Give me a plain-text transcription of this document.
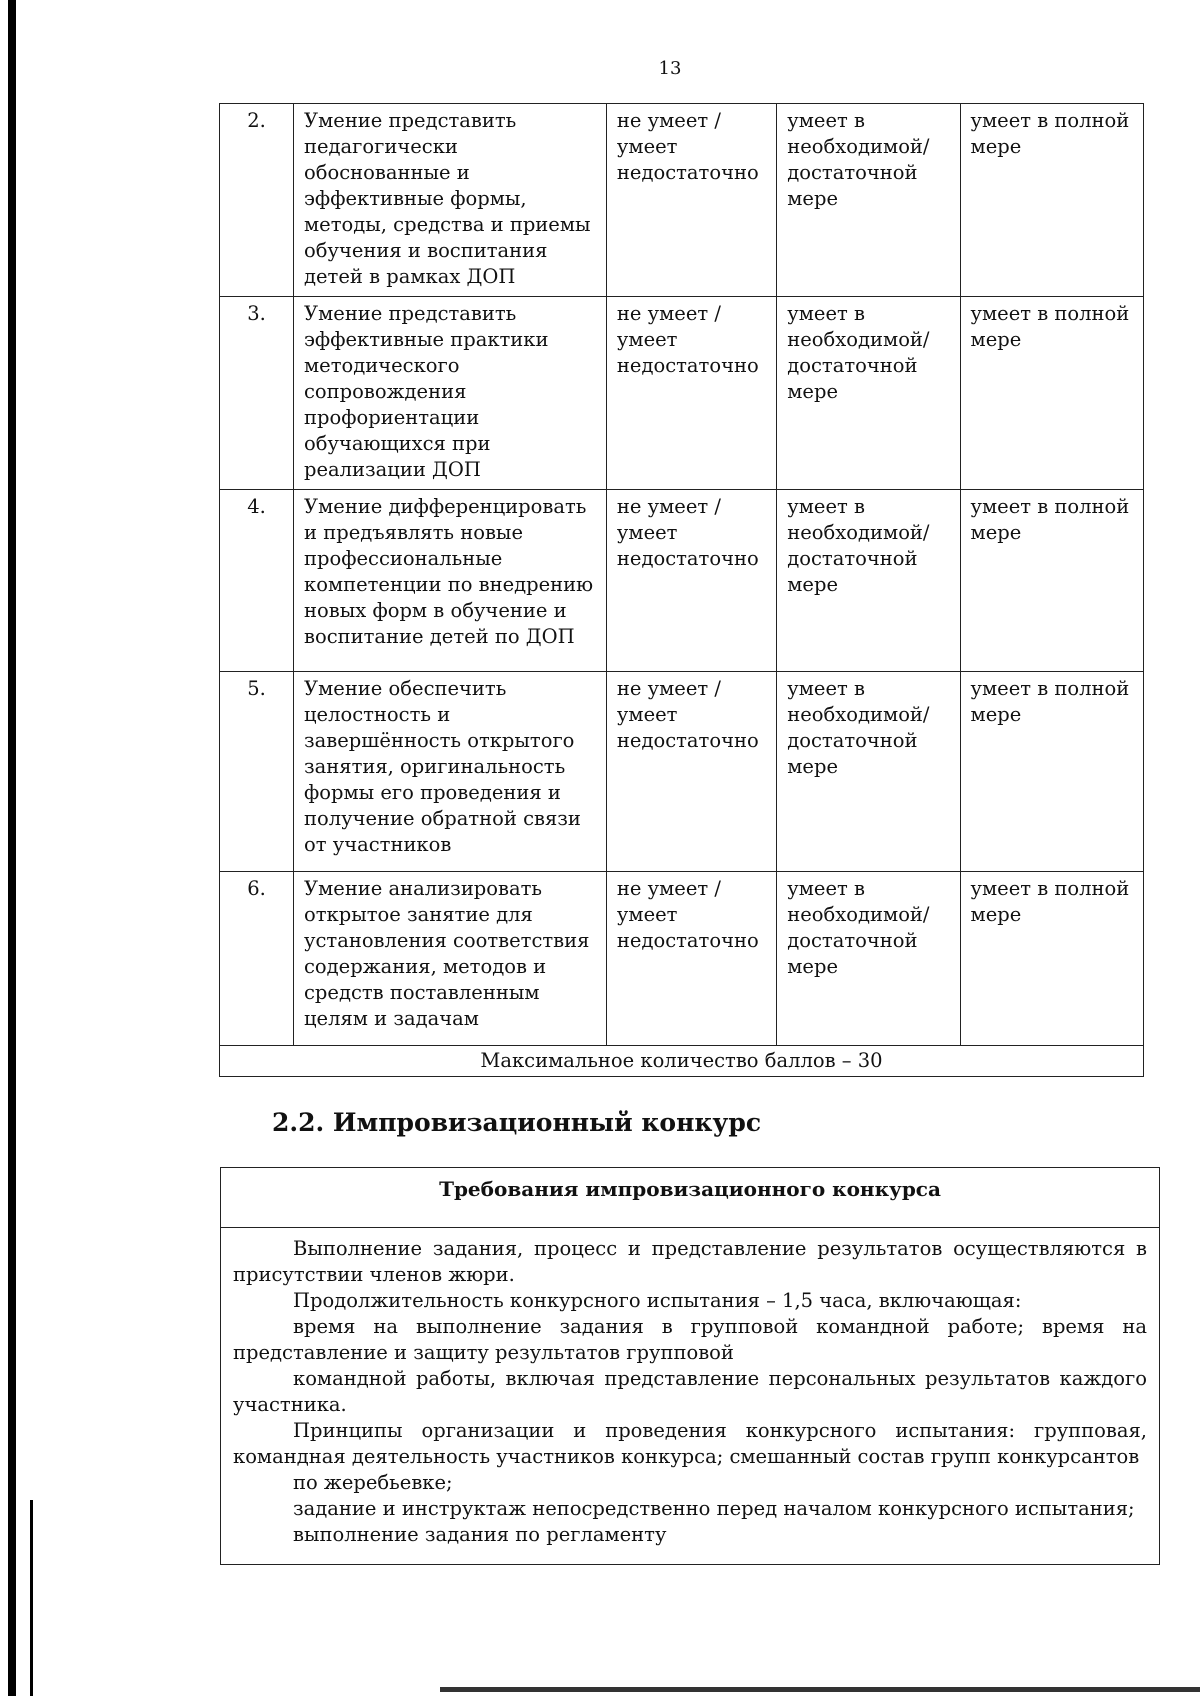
13
2.	Умение представить педагогически обоснованные и эффективные формы, методы, средства и приемы обучения и воспитания детей в рамках ДОП	не умеет / умеет недостаточно	умеет в необходимой/ достаточной мере	умеет в полной мере
3.	Умение представить эффективные практики методического сопровождения профориентации обучающихся при реализации ДОП	не умеет / умеет недостаточно	умеет в необходимой/ достаточной мере	умеет в полной мере
4.	Умение дифференцировать и предъявлять новые профессиональные компетенции по внедрению новых форм в обучение и воспитание детей по ДОП	не умеет / умеет недостаточно	умеет в необходимой/ достаточной мере	умеет в полной мере
5.	Умение обеспечить целостность и завершённость открытого занятия, оригинальность формы его проведения и получение обратной связи от участников	не умеет / умеет недостаточно	умеет в необходимой/ достаточной мере	умеет в полной мере
6.	Умение анализировать открытое занятие для установления соответствия содержания, методов и средств поставленным целям и задачам	не умеет / умеет недостаточно	умеет в необходимой/ достаточной мере	умеет в полной мере
Максимальное количество баллов – 30				
2.2. Импровизационный конкурс
Требования импровизационного конкурса

Выполнение задания, процесс и представление результатов осуществляются в присутствии членов жюри.

Продолжительность конкурсного испытания – 1,5 часа, включающая:

время на выполнение задания в групповой командной работе; время на представление и защиту результатов групповой

командной работы, включая представление персональных результатов каждого участника.

Принципы организации и проведения конкурсного испытания: групповая, командная деятельность участников конкурса; смешанный состав групп конкурсантов

по жеребьевке;

задание и инструктаж непосредственно перед началом конкурсного испытания;

выполнение задания по регламенту
